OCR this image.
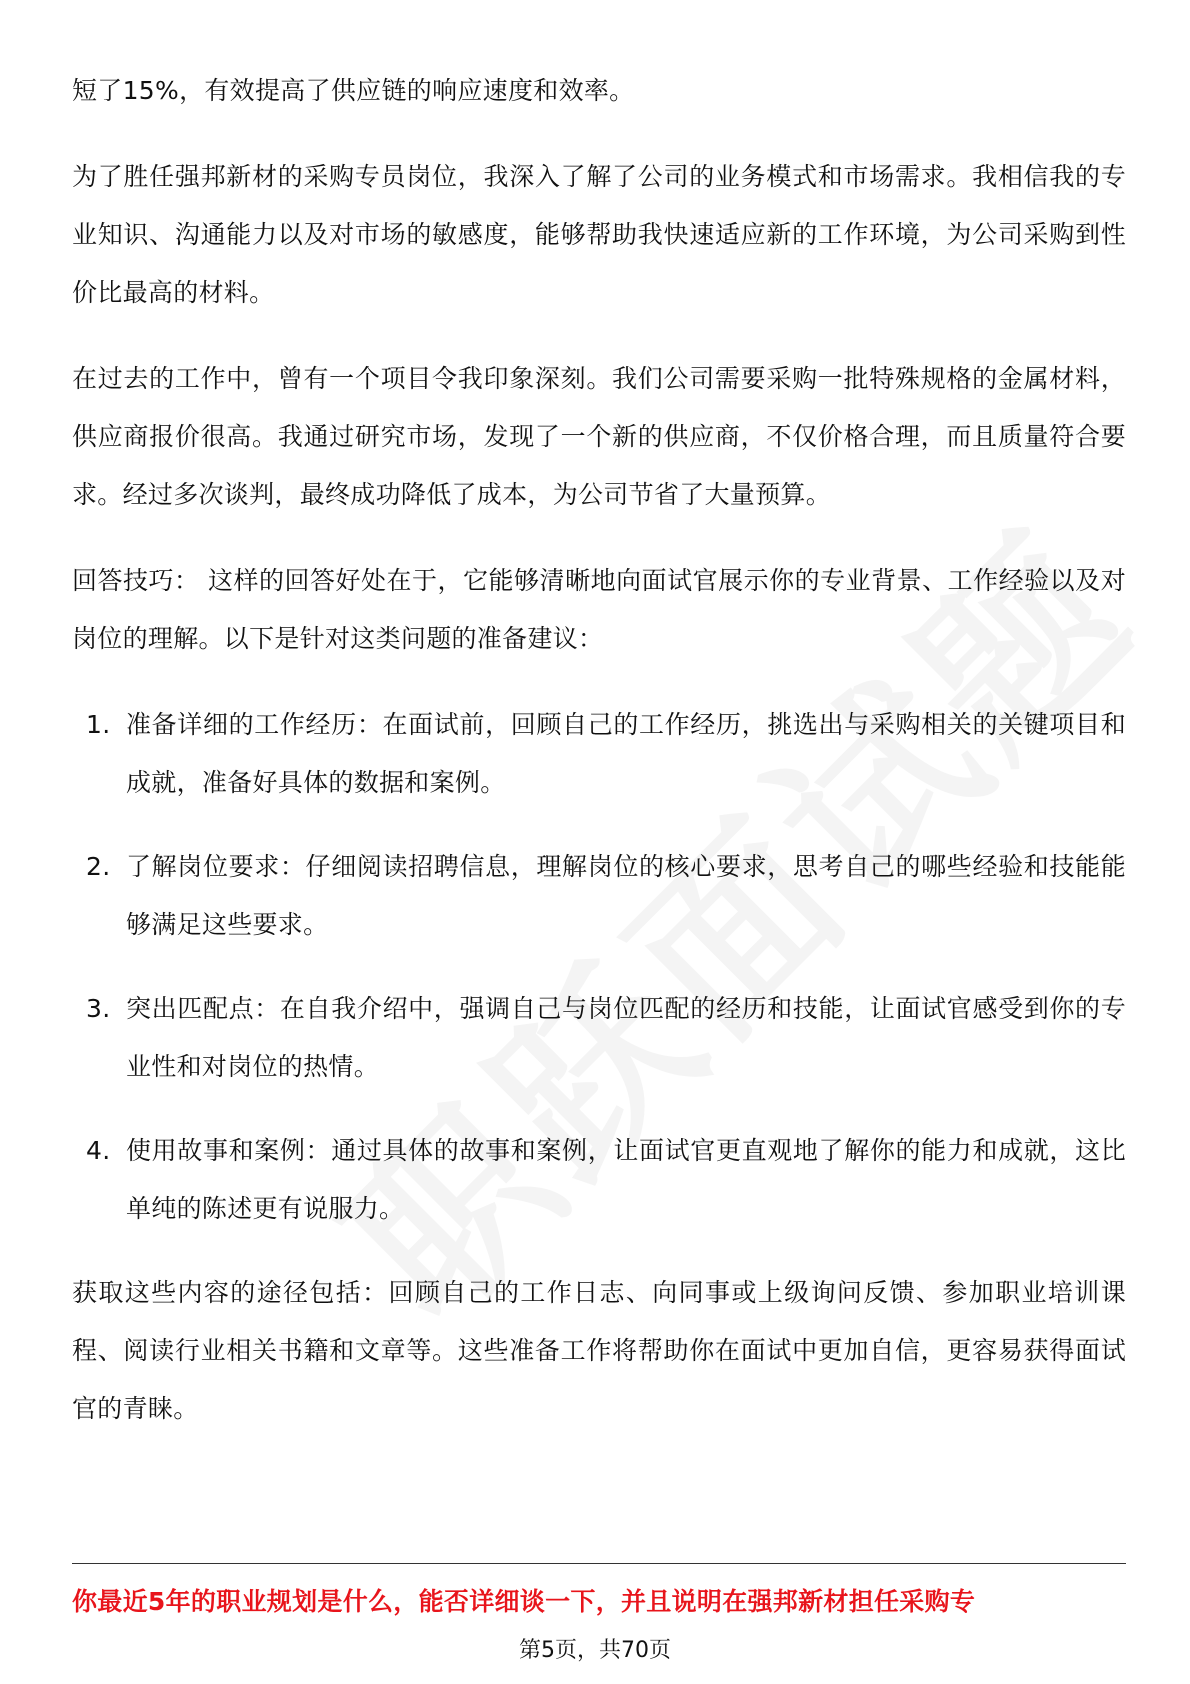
短了15%，有效提高了供应链的响应速度和效率。

为了胜任强邦新材的采购专员岗位，我深入了解了公司的业务模式和市场需求。我相信我的专业知识、沟通能力以及对市场的敏感度，能够帮助我快速适应新的工作环境，为公司采购到性价比最高的材料。

在过去的工作中，曾有一个项目令我印象深刻。我们公司需要采购一批特殊规格的金属材料，供应商报价很高。我通过研究市场，发现了一个新的供应商，不仅价格合理，而且质量符合要求。经过多次谈判，最终成功降低了成本，为公司节省了大量预算。

回答技巧： 这样的回答好处在于，它能够清晰地向面试官展示你的专业背景、工作经验以及对岗位的理解。以下是针对这类问题的准备建议：

1. 准备详细的工作经历：在面试前，回顾自己的工作经历，挑选出与采购相关的关键项目和成就，准备好具体的数据和案例。
2. 了解岗位要求：仔细阅读招聘信息，理解岗位的核心要求，思考自己的哪些经验和技能能够满足这些要求。
3. 突出匹配点：在自我介绍中，强调自己与岗位匹配的经历和技能，让面试官感受到你的专业性和对岗位的热情。
4. 使用故事和案例：通过具体的故事和案例，让面试官更直观地了解你的能力和成就，这比单纯的陈述更有说服力。

获取这些内容的途径包括：回顾自己的工作日志、向同事或上级询问反馈、参加职业培训课程、阅读行业相关书籍和文章等。这些准备工作将帮助你在面试中更加自信，更容易获得面试官的青睐。

你最近5年的职业规划是什么，能否详细谈一下，并且说明在强邦新材担任采购专
第5页，共70页
